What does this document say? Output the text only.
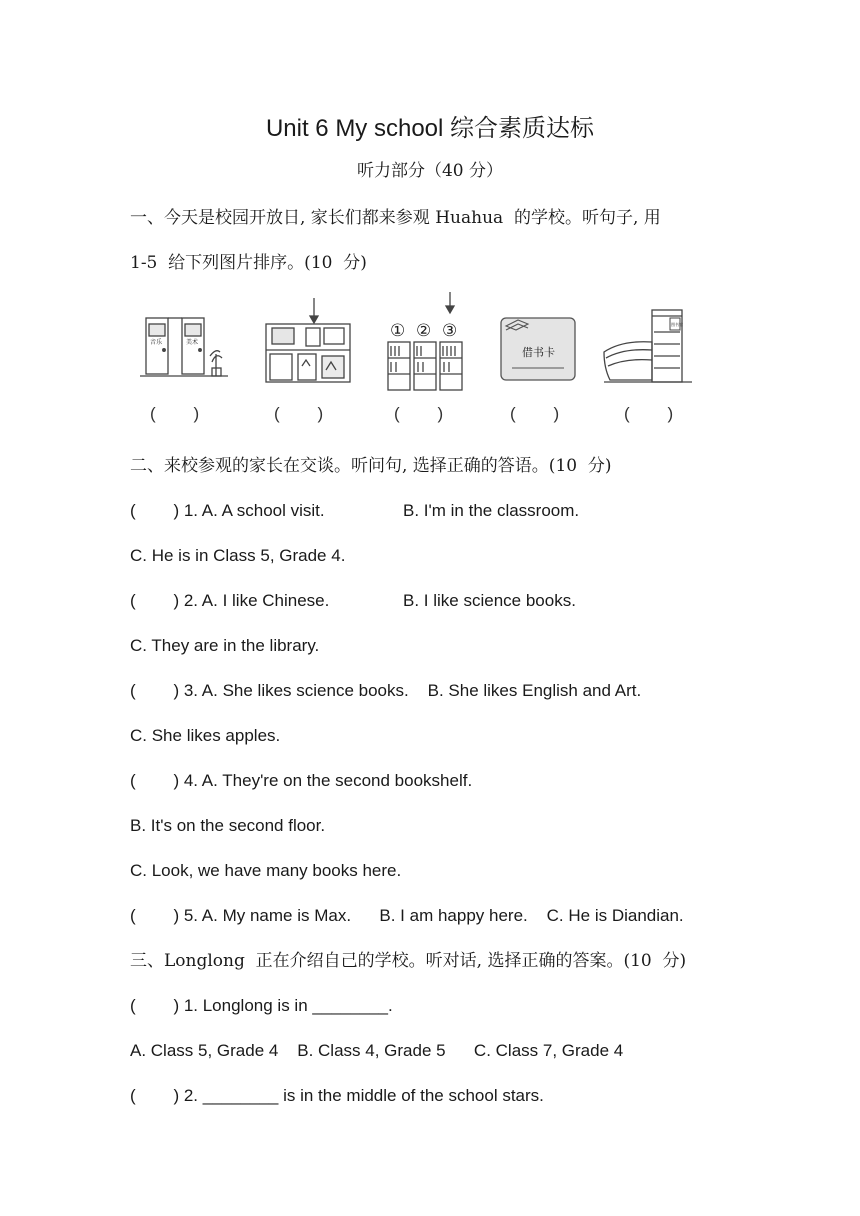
Unit 6 My school 综合素质达标
听力部分（40 分）
一、今天是校园开放日, 家长们都来参观 Huahua  的学校。听句子, 用
1-5  给下列图片排序。(10  分)
音乐	美术
① ② ③
借书卡
图书馆
(        )	(        )	(        )	(        )	(        )
二、来校参观的家长在交谈。听问句, 选择正确的答语。(10  分)
(        ) 1. A. A school visit.	B. I'm in the classroom.
C. He is in Class 5, Grade 4.
(        ) 2. A. I like Chinese.	B. I like science books.
C. They are in the library.
(        ) 3. A. She likes science books.    B. She likes English and Art.
C. She likes apples.
(        ) 4. A. They're on the second bookshelf.
B. It's on the second floor.
C. Look, we have many books here.
(        ) 5. A. My name is Max.      B. I am happy here.    C. He is Diandian.
三、Longlong  正在介绍自己的学校。听对话, 选择正确的答案。(10  分)
(        ) 1. Longlong is in ________.
A. Class 5, Grade 4    B. Class 4, Grade 5      C. Class 7, Grade 4
(        ) 2. ________ is in the middle of the school stars.
